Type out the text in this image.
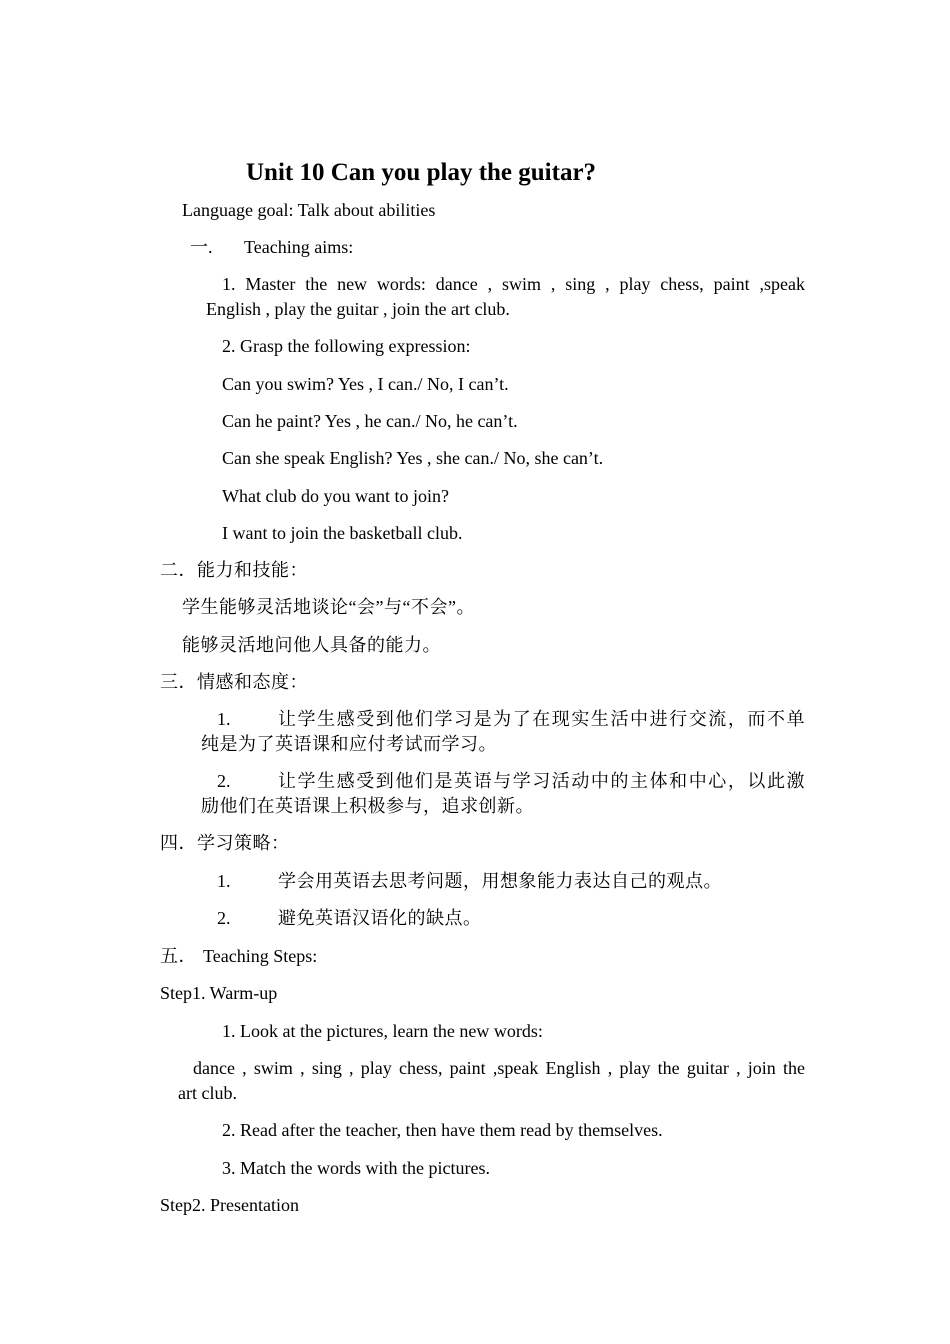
Unit 10 Can you play the guitar?
Language goal: Talk about abilities
一. Teaching aims:
1. Master the new words: dance , swim , sing , play chess, paint ,speak
English , play the guitar , join the art club.
2. Grasp the following expression:
Can you swim? Yes , I can./ No, I can’t.
Can he paint? Yes , he can./ No, he can’t.
Can she speak English? Yes , she can./ No, she can’t.
What club do you want to join?
I want to join the basketball club.
二．能力和技能：
学生能够灵活地谈论“会”与“不会”。
能够灵活地问他人具备的能力。
三．情感和态度：
1.	让学生感受到他们学习是为了在现实生活中进行交流，而不单
纯是为了英语课和应付考试而学习。
2.	让学生感受到他们是英语与学习活动中的主体和中心，以此激
励他们在英语课上积极参与，追求创新。
四．学习策略：
1.	学会用英语去思考问题，用想象能力表达自己的观点。
2.	避免英语汉语化的缺点。
五． Teaching Steps:
Step1. Warm-up
1. Look at the pictures, learn the new words:
dance , swim , sing , play chess, paint ,speak English , play the guitar , join the
art club.
2. Read after the teacher, then have them read by themselves.
3. Match the words with the pictures.
Step2. Presentation
